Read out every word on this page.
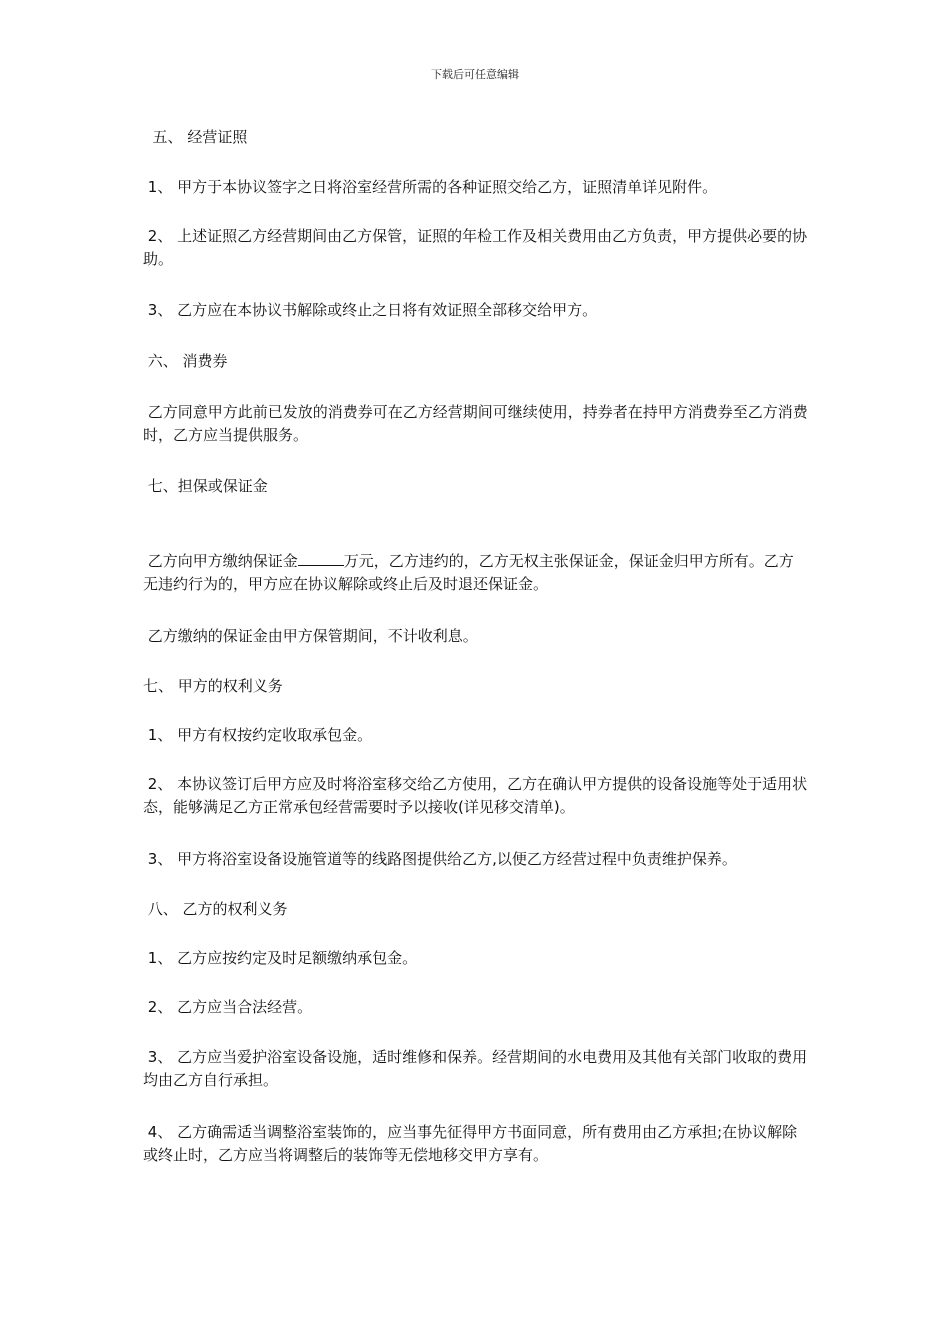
下载后可任意编辑
五、 经营证照
1、 甲方于本协议签字之日将浴室经营所需的各种证照交给乙方，证照清单详见附件。
2、 上述证照乙方经营期间由乙方保管，证照的年检工作及相关费用由乙方负责，甲方提供必要的协助。
3、 乙方应在本协议书解除或终止之日将有效证照全部移交给甲方。
六、 消费券
乙方同意甲方此前已发放的消费券可在乙方经营期间可继续使用，持券者在持甲方消费券至乙方消费时，乙方应当提供服务。
七、担保或保证金
乙方向甲方缴纳保证金	万元，乙方违约的，乙方无权主张保证金，保证金归甲方所有。乙方无违约行为的，甲方应在协议解除或终止后及时退还保证金。
乙方缴纳的保证金由甲方保管期间，不计收利息。
七、 甲方的权利义务
1、 甲方有权按约定收取承包金。
2、 本协议签订后甲方应及时将浴室移交给乙方使用，乙方在确认甲方提供的设备设施等处于适用状态，能够满足乙方正常承包经营需要时予以接收(详见移交清单)。
3、 甲方将浴室设备设施管道等的线路图提供给乙方,以便乙方经营过程中负责维护保养。
八、 乙方的权利义务
1、 乙方应按约定及时足额缴纳承包金。
2、 乙方应当合法经营。
3、 乙方应当爱护浴室设备设施，适时维修和保养。经营期间的水电费用及其他有关部门收取的费用均由乙方自行承担。
4、 乙方确需适当调整浴室装饰的，应当事先征得甲方书面同意，所有费用由乙方承担;在协议解除或终止时，乙方应当将调整后的装饰等无偿地移交甲方享有。
